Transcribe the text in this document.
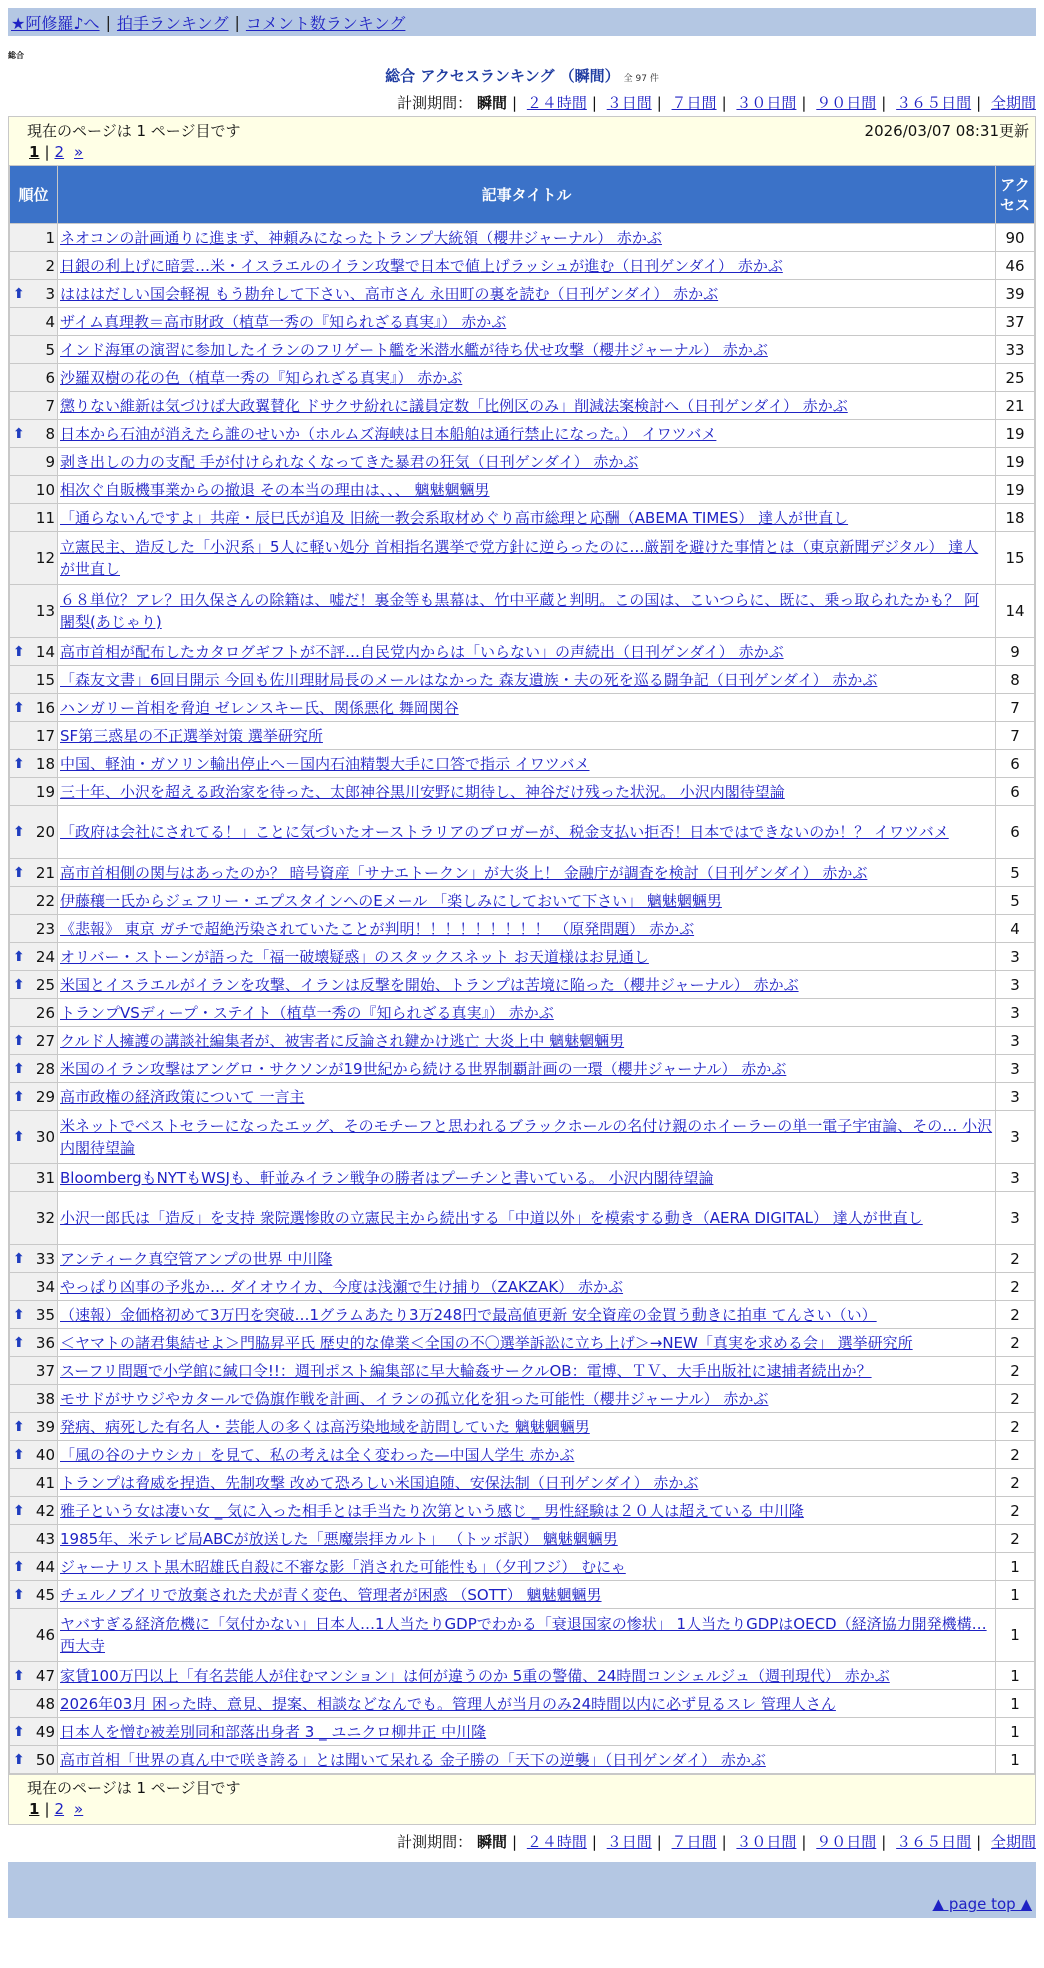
★阿修羅♪へ | 拍手ランキング | コメント数ランキング
総合
総合 アクセスランキング （瞬間） 全 97 件
計測期間： 瞬間 | ２４時間 | ３日間 | ７日間 | ３０日間 | ９０日間 | ３６５日間 | 全期間
現在のページは 1 ページ目です	2026/03/07 08:31更新
1 | 2 »
順位	記事タイトル	アクセス
1	ネオコンの計画通りに進まず、神頼みになったトランプ大統領（櫻井ジャーナル） 赤かぶ	90
2	日銀の利上げに暗雲…米・イスラエルのイラン攻撃で日本で値上げラッシュが進む（日刊ゲンダイ） 赤かぶ	46

⬆ 3	はははだしい国会軽視 もう勘弁して下さい、高市さん 永田町の裏を読む（日刊ゲンダイ） 赤かぶ	39
4	ザイム真理教＝高市財政（植草一秀の『知られざる真実』） 赤かぶ	37
5	インド海軍の演習に参加したイランのフリゲート艦を米潜水艦が待ち伏せ攻撃（櫻井ジャーナル） 赤かぶ	33
6	沙羅双樹の花の色（植草一秀の『知られざる真実』） 赤かぶ	25
7	懲りない維新は気づけば大政翼賛化 ドサクサ紛れに議員定数「比例区のみ」削減法案検討へ（日刊ゲンダイ） 赤かぶ	21

⬆ 8	日本から石油が消えたら誰のせいか（ホルムズ海峡は日本船舶は通行禁止になった。） イワツバメ	19
9	剥き出しの力の支配 手が付けられなくなってきた暴君の狂気（日刊ゲンダイ） 赤かぶ	19
10	相次ぐ自販機事業からの撤退 その本当の理由は、、、 魑魅魍魎男	19
11	「通らないんですよ」共産・辰巳氏が追及 旧統一教会系取材めぐり高市総理と応酬（ABEMA TIMES） 達人が世直し	18
12	立憲民主、造反した「小沢系」5人に軽い処分 首相指名選挙で党方針に逆らったのに…厳罰を避けた事情とは（東京新聞デジタル） 達人が世直し	15
13	６８単位？アレ？田久保さんの除籍は、嘘だ！裏金等も黒幕は、竹中平蔵と判明。この国は、こいつらに、既に、乗っ取られたかも？ 阿闍梨(あじゃり)	14

⬆ 14	高市首相が配布したカタログギフトが不評…自民党内からは「いらない」の声続出（日刊ゲンダイ） 赤かぶ	9
15	「森友文書」6回目開示 今回も佐川理財局長のメールはなかった 森友遺族・夫の死を巡る闘争記（日刊ゲンダイ） 赤かぶ	8

⬆ 16	ハンガリー首相を脅迫 ゼレンスキー氏、関係悪化 舞岡関谷	7
17	SF第三惑星の不正選挙対策 選挙研究所	7

⬆ 18	中国、軽油・ガソリン輸出停止へ－国内石油精製大手に口答で指示 イワツバメ	6
19	三十年、小沢を超える政治家を待った、太郎神谷黒川安野に期待し、神谷だけ残った状況。 小沢内閣待望論	6

⬆ 20	「政府は会社にされてる！」ことに気づいたオーストラリアのブロガーが、税金支払い拒否！日本ではできないのか！？ イワツバメ	6

⬆ 21	高市首相側の関与はあったのか？ 暗号資産「サナエトークン」が大炎上！ 金融庁が調査を検討（日刊ゲンダイ） 赤かぶ	5
22	伊藤穰一氏からジェフリー・エプスタインへのEメール 「楽しみにしておいて下さい」 魑魅魍魎男	5
23	《悲報》 東京 ガチで超絶汚染されていたことが判明！！！！！！！！！ （原発問題） 赤かぶ	4

⬆ 24	オリバー・ストーンが語った「福一破壊疑惑」のスタックスネット お天道様はお見通し	3

⬆ 25	米国とイスラエルがイランを攻撃、イランは反撃を開始、トランプは苦境に陥った（櫻井ジャーナル） 赤かぶ	3
26	トランプVSディープ・ステイト（植草一秀の『知られざる真実』） 赤かぶ	3

⬆ 27	クルド人擁護の講談社編集者が、被害者に反論され鍵かけ逃亡 大炎上中 魑魅魍魎男	3

⬆ 28	米国のイラン攻撃はアングロ・サクソンが19世紀から続ける世界制覇計画の一環（櫻井ジャーナル） 赤かぶ	3

⬆ 29	高市政権の経済政策について 一言主	3

⬆ 30	米ネットでベストセラーになったエッグ、そのモチーフと思われるブラックホールの名付け親のホイーラーの単一電子宇宙論、その… 小沢内閣待望論	3
31	BloombergもNYTもWSJも、軒並みイラン戦争の勝者はプーチンと書いている。 小沢内閣待望論	3
32	小沢一郎氏は「造反」を支持 衆院選惨敗の立憲民主から続出する「中道以外」を模索する動き（AERA DIGITAL） 達人が世直し	3

⬆ 33	アンティーク真空管アンプの世界 中川隆	2
34	やっぱり凶事の予兆か… ダイオウイカ、今度は浅瀬で生け捕り（ZAKZAK） 赤かぶ	2

⬆ 35	（速報）金価格初めて3万円を突破…1グラムあたり3万248円で最高値更新 安全資産の金買う動きに拍車 てんさい（い）	2

⬆ 36	＜ヤマトの諸君集結せよ＞門脇昇平氏 歴史的な偉業＜全国の不〇選挙訴訟に立ち上げ＞→NEW「真実を求める会」 選挙研究所	2
37	スーフリ問題で小学館に緘口令!!：週刊ポスト編集部に早大輪姦サークルOB：電博、ＴＶ、大手出版社に逮捕者続出か？	2
38	モサドがサウジやカタールで偽旗作戦を計画、イランの孤立化を狙った可能性（櫻井ジャーナル） 赤かぶ	2

⬆ 39	発病、病死した有名人・芸能人の多くは高汚染地域を訪問していた 魑魅魍魎男	2

⬆ 40	「風の谷のナウシカ」を見て、私の考えは全く変わった—中国人学生 赤かぶ	2
41	トランプは脅威を捏造、先制攻撃 改めて恐ろしい米国追随、安保法制（日刊ゲンダイ） 赤かぶ	2

⬆ 42	雅子という女は凄い女 _ 気に入った相手とは手当たり次第という感じ _ 男性経験は２０人は超えている 中川隆	2
43	1985年、米テレビ局ABCが放送した「悪魔崇拝カルト」 （トッポ訳） 魑魅魍魎男	2

⬆ 44	ジャーナリスト黒木昭雄氏自殺に不審な影「消された可能性も」（夕刊フジ） むにゃ	1

⬆ 45	チェルノブイリで放棄された犬が青く変色、管理者が困惑 （SOTT） 魑魅魍魎男	1
46	ヤバすぎる経済危機に「気付かない」日本人…1人当たりGDPでわかる「衰退国家の惨状」 1人当たりGDPはOECD（経済協力開発機構… 西大寺	1

⬆ 47	家賃100万円以上「有名芸能人が住むマンション」は何が違うのか 5重の警備、24時間コンシェルジュ（週刊現代） 赤かぶ	1
48	2026年03月 困った時、意見、提案、相談などなんでも。管理人が当月のみ24時間以内に必ず見るスレ 管理人さん	1

⬆ 49	日本人を憎む被差別同和部落出身者 3 _ ユニクロ柳井正 中川隆	1

⬆ 50	高市首相「世界の真ん中で咲き誇る」とは聞いて呆れる 金子勝の「天下の逆襲」（日刊ゲンダイ） 赤かぶ	1
現在のページは 1 ページ目です
1 | 2 »
計測期間： 瞬間 | ２４時間 | ３日間 | ７日間 | ３０日間 | ９０日間 | ３６５日間 | 全期間
▲ page top ▲
